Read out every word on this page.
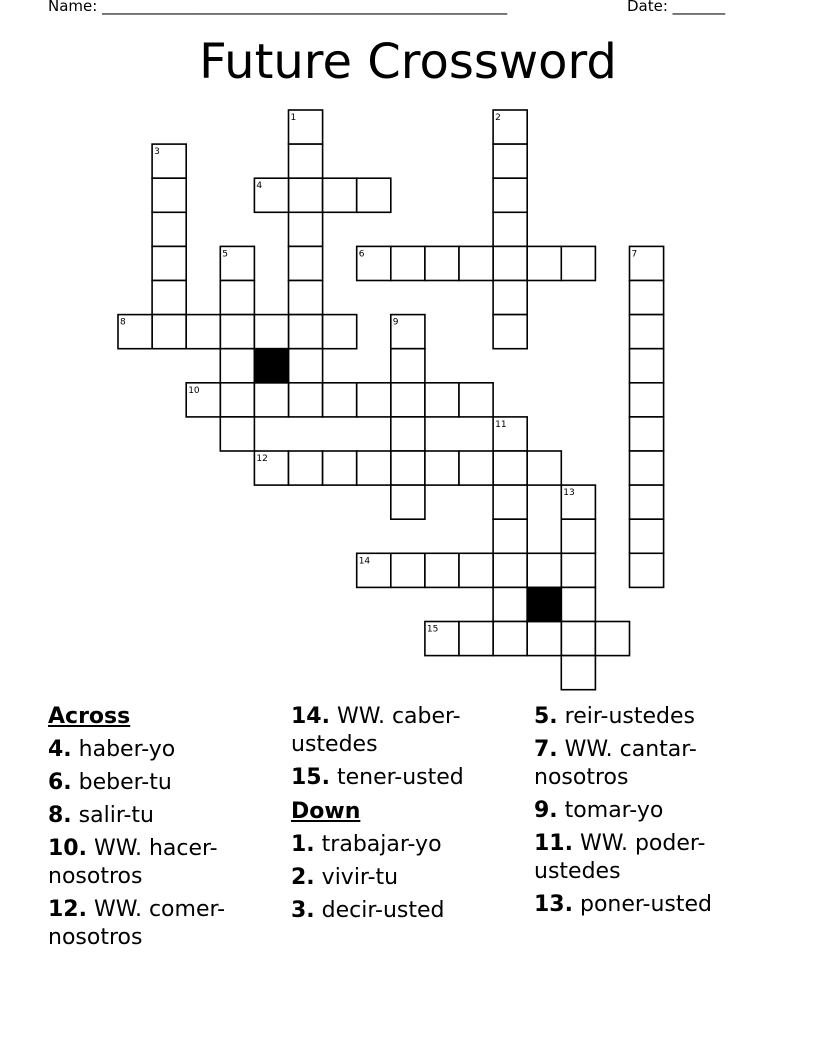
Name: ______________________________________________________	Date: _______
Future Crossword
1	2
3
4
5	6	7
8	9
10
11
12
13
14
15
Across
4. haber-yo
6. beber-tu
8. salir-tu
10. WW. hacer-nosotros
12. WW. comer-nosotros
14. WW. caber-ustedes
15. tener-usted
Down
1. trabajar-yo
2. vivir-tu
3. decir-usted
5. reir-ustedes
7. WW. cantar-nosotros
9. tomar-yo
11. WW. poder-ustedes
13. poner-usted
